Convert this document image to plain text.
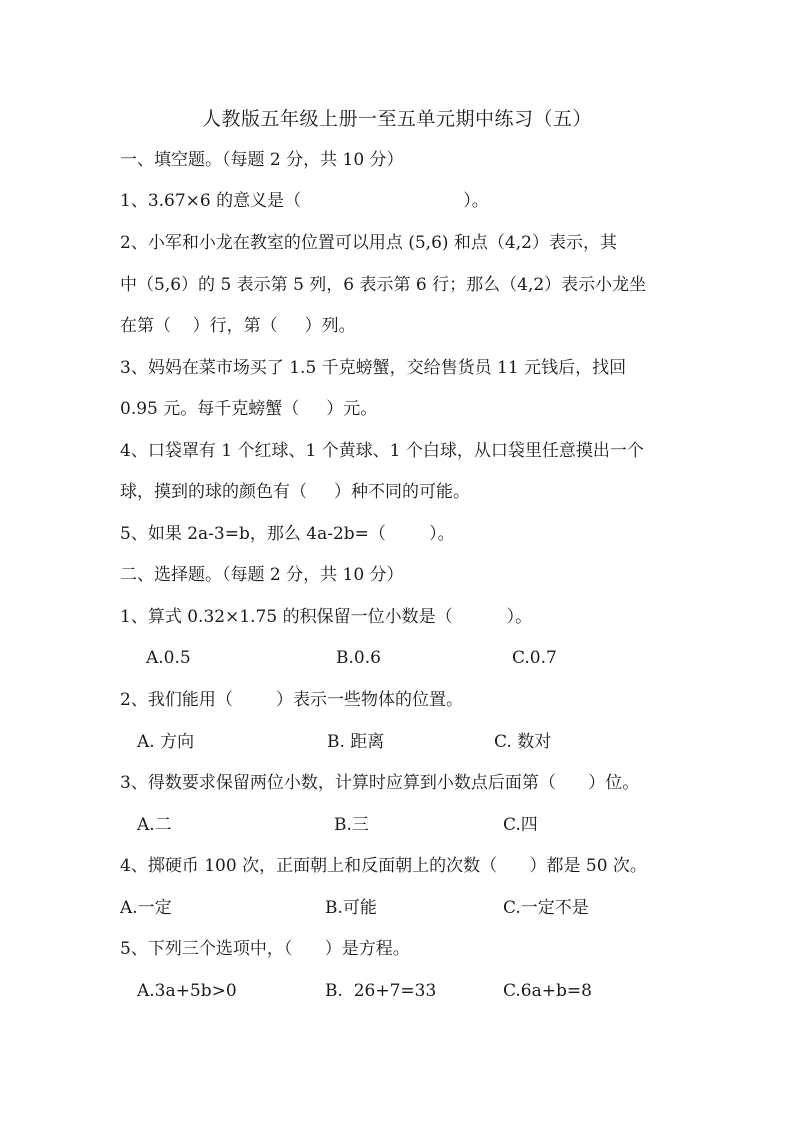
人教版五年级上册一至五单元期中练习（五）
一、填空题。（每题 2 分，共 10 分）
1、3.67×6 的意义是（                              ）。
2、小军和小龙在教室的位置可以用点 (5,6) 和点（4,2）表示，其
中（5,6）的 5 表示第 5 列，6 表示第 6 行；那么（4,2）表示小龙坐
在第（    ）行，第（     ）列。
3、妈妈在菜市场买了 1.5 千克螃蟹，交给售货员 11 元钱后，找回
0.95 元。每千克螃蟹（     ）元。
4、口袋罩有 1 个红球、1 个黄球、1 个白球，从口袋里任意摸出一个
球，摸到的球的颜色有（     ）种不同的可能。
5、如果 2a-3=b，那么 4a-2b=（        ）。
二、选择题。（每题 2 分，共 10 分）
1、算式 0.32×1.75 的积保留一位小数是（          ）。
A.0.5	B.0.6	C.0.7
2、我们能用（        ）表示一些物体的位置。
A. 方向	B. 距离	C. 数对
3、得数要求保留两位小数，计算时应算到小数点后面第（      ）位。
A.二	B.三	C.四
4、掷硬币 100 次，正面朝上和反面朝上的次数（      ）都是 50 次。
A.一定	B.可能	C.一定不是
5、下列三个选项中，（      ）是方程。
A.3a+5b>0	B.  26+7=33	C.6a+b=8
